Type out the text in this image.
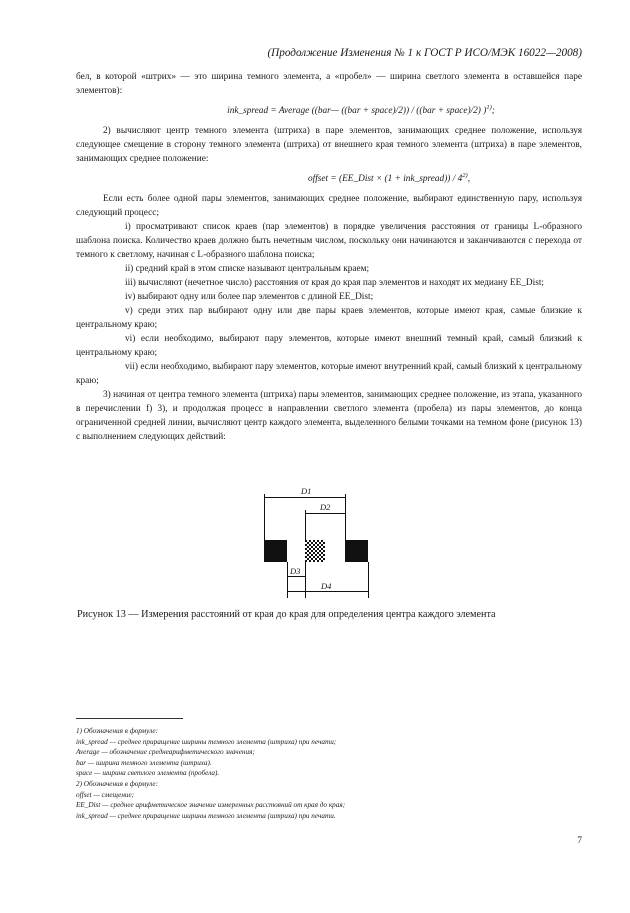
(Продолжение Изменения № 1 к ГОСТ Р ИСО/МЭК 16022—2008)

бел, в которой «штрих» — это ширина темного элемента, а «пробел» — ширина светлого элемента в оставшейся паре элементов):

ink_spread = Average ((bar— ((bar + space)/2)) / ((bar + space)/2) )$^{1)}$;

2) вычисляют центр темного элемента (штриха) в паре элементов, занимающих среднее положение, используя следующее смещение в сторону темного элемента (штриха) от внешнего края темного элемента (штриха) в паре элементов, занимающих среднее положение:

offset = (EE_Dist × (1 + ink_spread)) / 4$^{2)}$,

Если есть более одной пары элементов, занимающих среднее положение, выбирают единственную пару, используя следующий процесс;

i) просматривают список краев (пар элементов) в порядке увеличения расстояния от границы L-образного шаблона поиска. Количество краев должно быть нечетным числом, поскольку они начинаются и заканчиваются с перехода от темного к светлому, начиная с L-образного шаблона поиска;

ii) средний край в этом списке называют центральным краем;

iii) вычисляют (нечетное число) расстояния от края до края пар элементов и находят их медиану EE_Dist;

iv) выбирают одну или более пар элементов с длиной EE_Dist;

v) среди этих пар выбирают одну или две пары краев элементов, которые имеют края, самые близкие к центральному краю;

vi) если необходимо, выбирают пару элементов, которые имеют внешний темный край, самый близкий к центральному краю;

vii) если необходимо, выбирают пару элементов, которые имеют внутренний край, самый близкий к центральному краю;

3) начиная от центра темного элемента (штриха) пары элементов, занимающих среднее положение, из этапа, указанного в перечислении f) 3), и продолжая процесс в направлении светлого элемента (пробела) из пары элементов, до конца ограниченной средней линии, вычисляют центр каждого элемента, выделенного белыми точками на темном фоне (рисунок 13) с выполнением следующих действий:

D1
D2
D3
D4
Рисунок 13 — Измерения расстояний от края до края для определения центра каждого элемента
1) Обозначения в формуле:
ink_spread — среднее приращение ширины темного элемента (штриха) при печати;
Average — обозначение среднеарифметического значения;
bar — ширина темного элемента (штриха).
space — ширина светлого элемента (пробела).
2) Обозначения в формуле:
offset — смещение;
EE_Dist — среднее арифметическое значение измеренных расстояний от края до края;
ink_spread — среднее приращение ширины темного элемента (штриха) при печати.
7
